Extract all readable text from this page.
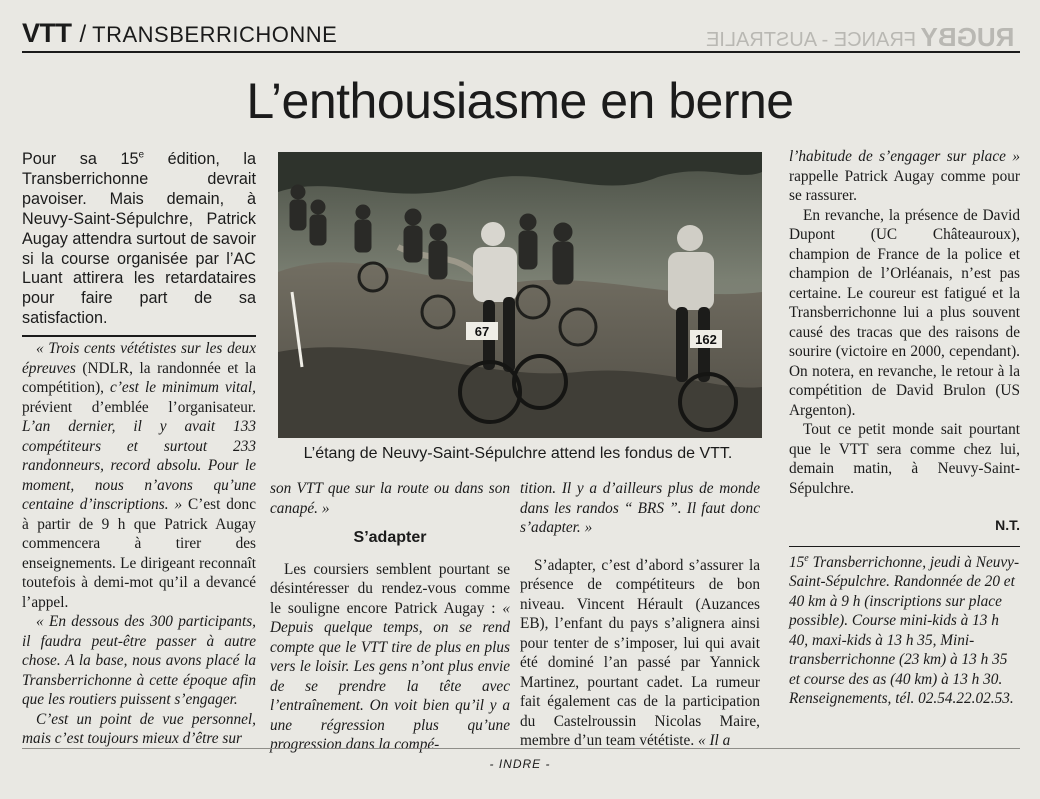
VTT / TRANSBERRICHONNE	RUGBY FRANCE - AUSTRALIE
L’enthousiasme en berne
Pour sa 15e édition, la Transberrichonne devrait pavoiser. Mais demain, à Neuvy-Saint-Sépulchre, Patrick Augay attendra surtout de savoir si la course organisée par l’AC Luant attirera les retardataires pour faire part de sa satisfaction.

« Trois cents vététistes sur les deux épreuves (NDLR, la randonnée et la compétition), c’est le minimum vital, prévient d’emblée l’organisateur. L’an dernier, il y avait 133 compétiteurs et surtout 233 randonneurs, record absolu. Pour le moment, nous n’avons qu’une centaine d’inscriptions. » C’est donc à partir de 9 h que Patrick Augay commencera à tirer des enseignements. Le dirigeant reconnaît toutefois à demi-mot qu’il a devancé l’appel.

« En dessous des 300 participants, il faudra peut-être passer à autre chose. A la base, nous avons placé la Transberrichonne à cette époque afin que les routiers puissent s’engager.

C’est un point de vue personnel, mais c’est toujours mieux d’être sur

67
162
L’étang de Neuvy-Saint-Sépulchre attend les fondus de VTT.

son VTT que sur la route ou dans son canapé. »

S’adapter

Les coursiers semblent pourtant se désintéresser du rendez-vous comme le souligne encore Patrick Augay : « Depuis quelque temps, on se rend compte que le VTT tire de plus en plus vers le loisir. Les gens n’ont plus envie de se prendre la tête avec l’entraînement. On voit bien qu’il y a une régression plus qu’une progression dans la compé-

tition. Il y a d’ailleurs plus de monde dans les randos “ BRS ”. Il faut donc s’adapter. »

S’adapter, c’est d’abord s’assurer la présence de compétiteurs de bon niveau. Vincent Hérault (Auzances EB), l’enfant du pays s’alignera ainsi pour tenter de s’imposer, lui qui avait été dominé l’an passé par Yannick Martinez, pourtant cadet. La rumeur fait également cas de la participation du Castelroussin Nicolas Maire, membre d’un team vététiste. « Il a

l’habitude de s’engager sur place » rappelle Patrick Augay comme pour se rassurer.

En revanche, la présence de David Dupont (UC Châteauroux), champion de France de la police et champion de l’Orléanais, n’est pas certaine. Le coureur est fatigué et la Transberrichonne lui a plus souvent causé des tracas que des raisons de sourire (victoire en 2000, cependant). On notera, en revanche, le retour à la compétition de David Brulon (US Argenton).

Tout ce petit monde sait pourtant que le VTT sera comme chez lui, demain matin, à Neuvy-Saint-Sépulchre.

N.T.

15e Transberrichonne, jeudi à Neuvy-Saint-Sépulchre. Randonnée de 20 et 40 km à 9 h (inscriptions sur place possible). Course mini-kids à 13 h 40, maxi-kids à 13 h 35, Mini-transberrichonne (23 km) à 13 h 35 et course des as (40 km) à 13 h 30. Renseignements, tél. 02.54.22.02.53.

- INDRE -
